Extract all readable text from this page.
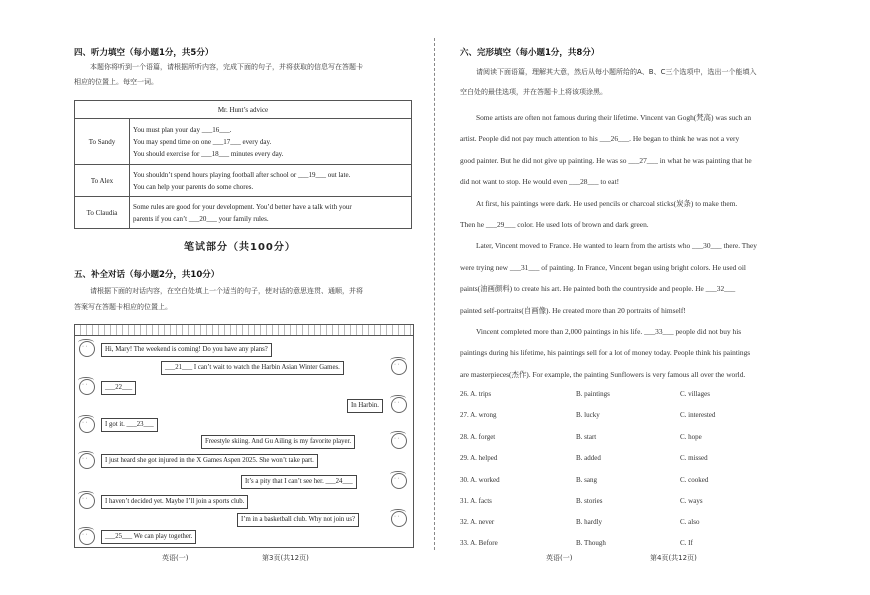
四、听力填空（每小题1分，共5分）
本题你将听到一个语篇，请根据所听内容，完成下面的句子，并将获取的信息写在答题卡
相应的位置上。每空一词。
Mr. Hunt’s advice	
To Sandy	You must plan your day ___16___.
You may spend time on one ___17___ every day.
You should exercise for ___18___ minutes every day.

To Alex	You shouldn’t spend hours playing football after school or ___19___ out late.
You can help your parents do some chores.

To Claudia	Some rules are good for your development. You’d better have a talk with your
parents if you can’t ___20___ your family rules.
笔试部分（共100分）
五、补全对话（每小题2分，共10分）
请根据下面的对话内容，在空白处填上一个适当的句子，使对话的意思连贯、通顺，并将
答案写在答题卡相应的位置上。
· ·
Hi, Mary! The weekend is coming! Do you have any plans?
___21___ I can’t wait to watch the Harbin Asian Winter Games.
· ·
· ·
___22___
In Harbin.
· ·
· ·
I got it. ___23___
Freestyle skiing. And Gu Ailing is my favorite player.
· ·
· ·
I just heard she got injured in the X Games Aspen 2025. She won’t take part.
It’s a pity that I can’t see her. ___24___
· ·
· ·
I haven’t decided yet. Maybe I’ll join a sports club.
I’m in a basketball club. Why not join us?
· ·
· ·
___25___ We can play together.
英语(一)	第3页(共12页)
六、完形填空（每小题1分，共8分）
请阅读下面语篇，理解其大意，然后从每小题所给的A、B、C三个选项中，选出一个能填入
空白处的最佳选项，并在答题卡上将该项涂黑。
Some artists are often not famous during their lifetime. Vincent van Gogh(梵高) was such an
artist. People did not pay much attention to his ___26___. He began to think he was not a very
good painter. But he did not give up painting. He was so ___27___ in what he was painting that he
did not want to stop. He would even ___28___ to eat!
At first, his paintings were dark. He used pencils or charcoal sticks(炭条) to make them.
Then he ___29___ color. He used lots of brown and dark green.
Later, Vincent moved to France. He wanted to learn from the artists who ___30___ there. They
were trying new ___31___ of painting. In France, Vincent began using bright colors. He used oil
paints(油画颜料) to create his art. He painted both the countryside and people. He ___32___
painted self-portraits(自画像). He created more than 20 portraits of himself!
Vincent completed more than 2,000 paintings in his life. ___33___ people did not buy his
paintings during his lifetime, his paintings sell for a lot of money today. People think his paintings
are masterpieces(杰作). For example, the painting Sunflowers is very famous all over the world.
26. A. trips	B. paintings	C. villages
27. A. wrong	B. lucky	C. interested
28. A. forget	B. start	C. hope
29. A. helped	B. added	C. missed
30. A. worked	B. sang	C. cooked
31. A. facts	B. stories	C. ways
32. A. never	B. hardly	C. also
33. A. Before	B. Though	C. If
英语(一)	第4页(共12页)
